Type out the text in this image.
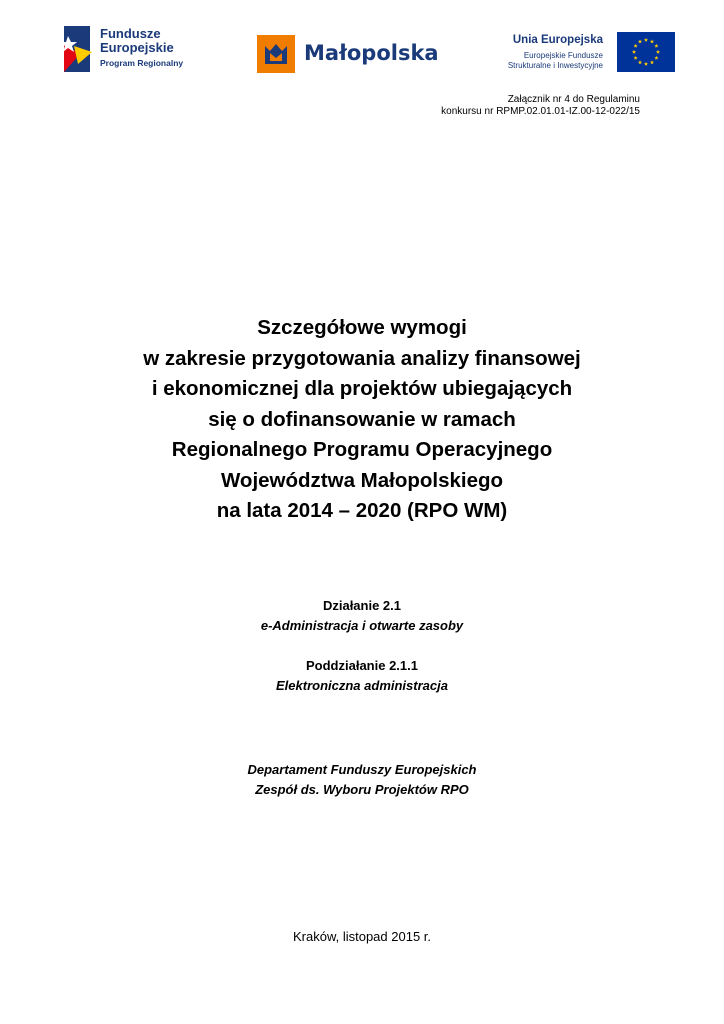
Fundusze
Europejskie
Program Regionalny	Małopolska
Unia Europejska
Europejskie Fundusze
Strukturalne i Inwestycyjne
Załącznik nr 4 do Regulaminu
konkursu nr RPMP.02.01.01-IZ.00-12-022/15
Szczegółowe wymogi
w zakresie przygotowania analizy finansowej
i ekonomicznej dla projektów ubiegających
się o dofinansowanie w ramach
Regionalnego Programu Operacyjnego
Województwa Małopolskiego
na lata 2014 – 2020 (RPO WM)
Działanie 2.1
e-Administracja i otwarte zasoby
Poddziałanie 2.1.1
Elektroniczna administracja
Departament Funduszy Europejskich
Zespół ds. Wyboru Projektów RPO
Kraków, listopad 2015 r.
